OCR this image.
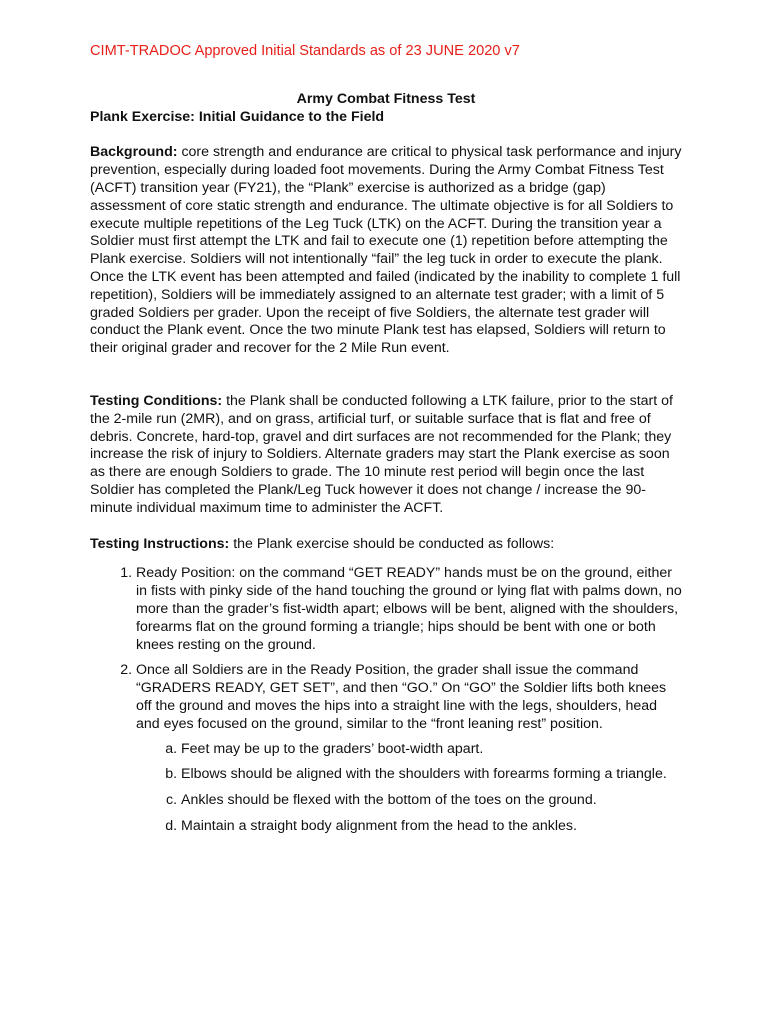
CIMT-TRADOC Approved Initial Standards as of 23 JUNE 2020 v7
Army Combat Fitness Test
Plank Exercise: Initial Guidance to the Field

Background: core strength and endurance are critical to physical task performance and injury prevention, especially during loaded foot movements. During the Army Combat Fitness Test (ACFT) transition year (FY21), the “Plank” exercise is authorized as a bridge (gap) assessment of core static strength and endurance. The ultimate objective is for all Soldiers to execute multiple repetitions of the Leg Tuck (LTK) on the ACFT. During the transition year a Soldier must first attempt the LTK and fail to execute one (1) repetition before attempting the Plank exercise. Soldiers will not intentionally “fail” the leg tuck in order to execute the plank. Once the LTK event has been attempted and failed (indicated by the inability to complete 1 full repetition), Soldiers will be immediately assigned to an alternate test grader; with a limit of 5 graded Soldiers per grader. Upon the receipt of five Soldiers, the alternate test grader will conduct the Plank event. Once the two minute Plank test has elapsed, Soldiers will return to their original grader and recover for the 2 Mile Run event.

Testing Conditions: the Plank shall be conducted following a LTK failure, prior to the start of the 2-mile run (2MR), and on grass, artificial turf, or suitable surface that is flat and free of debris. Concrete, hard-top, gravel and dirt surfaces are not recommended for the Plank; they increase the risk of injury to Soldiers. Alternate graders may start the Plank exercise as soon as there are enough Soldiers to grade. The 10 minute rest period will begin once the last Soldier has completed the Plank/Leg Tuck however it does not change / increase the 90-minute individual maximum time to administer the ACFT.

Testing Instructions: the Plank exercise should be conducted as follows:

1. Ready Position: on the command “GET READY” hands must be on the ground, either in fists with pinky side of the hand touching the ground or lying flat with palms down, no more than the grader’s fist-width apart; elbows will be bent, aligned with the shoulders, forearms flat on the ground forming a triangle; hips should be bent with one or both knees resting on the ground.
2. Once all Soldiers are in the Ready Position, the grader shall issue the command “GRADERS READY, GET SET”, and then “GO.” On “GO” the Soldier lifts both knees off the ground and moves the hips into a straight line with the legs, shoulders, head and eyes focused on the ground, similar to the “front leaning rest” position.
a. Feet may be up to the graders’ boot-width apart.
b. Elbows should be aligned with the shoulders with forearms forming a triangle.
c. Ankles should be flexed with the bottom of the toes on the ground.
d. Maintain a straight body alignment from the head to the ankles.
